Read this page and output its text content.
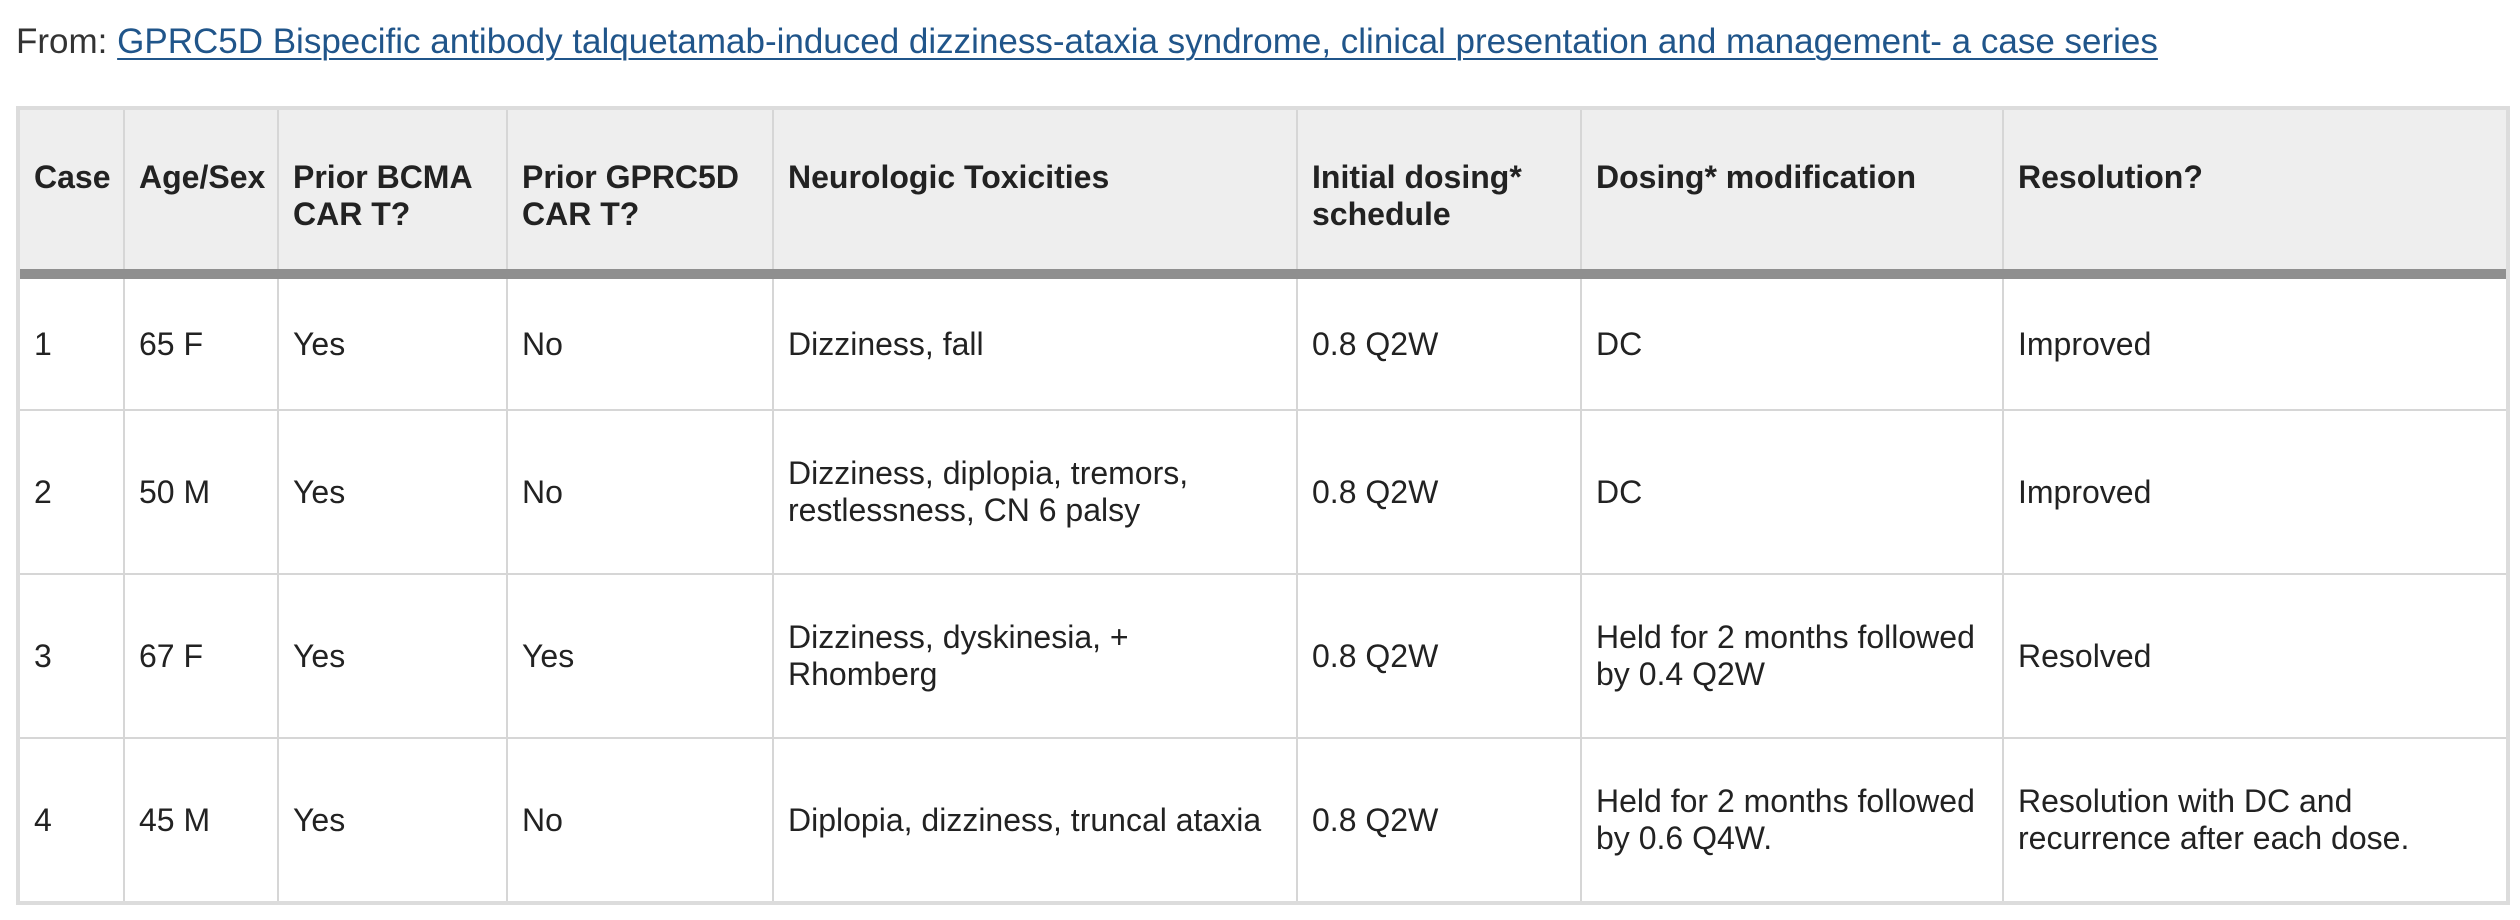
From: GPRC5D Bispecific antibody talquetamab-induced dizziness-ataxia syndrome, clinical presentation and management- a case series
Case	Age/Sex	Prior BCMA CAR T?	Prior GPRC5D CAR T?	Neurologic Toxicities	Initial dosing* schedule	Dosing* modification	Resolution?
1	65 F	Yes	No	Dizziness, fall	0.8 Q2W	DC	Improved
2	50 M	Yes	No	Dizziness, diplopia, tremors, restlessness, CN 6 palsy	0.8 Q2W	DC	Improved
3	67 F	Yes	Yes	Dizziness, dyskinesia, + Rhomberg	0.8 Q2W	Held for 2 months followed by 0.4 Q2W	Resolved
4	45 M	Yes	No	Diplopia, dizziness, truncal ataxia	0.8 Q2W	Held for 2 months followed by 0.6 Q4W.	Resolution with DC and recurrence after each dose.
